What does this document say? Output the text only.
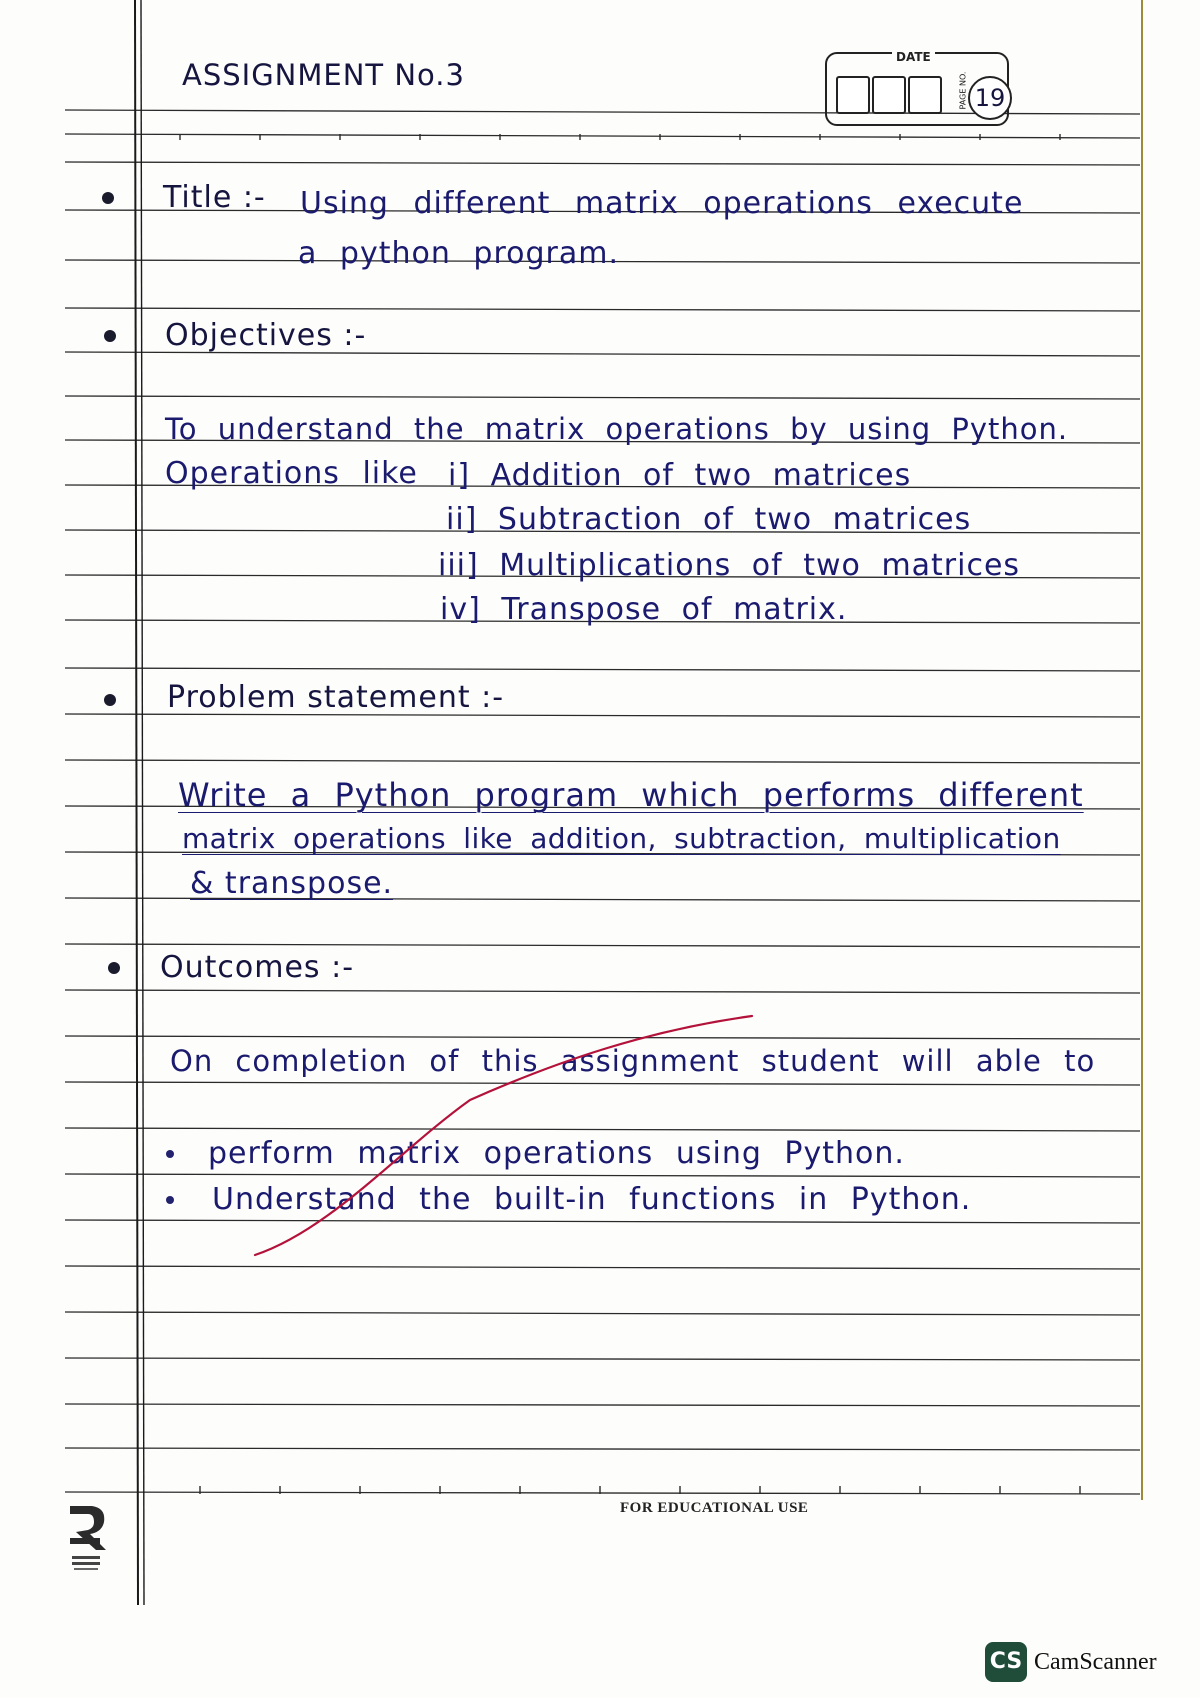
ASSIGNMENT No.3
DATE
PAGE NO. 19
Title :- Using different matrix operations execute
a python program.
Objectives :-
To understand the matrix operations by using Python.
Operations like i] Addition of two matrices
ii] Subtraction of two matrices
iii] Multiplications of two matrices
iv] Transpose of matrix.
Problem statement :-
Write a Python program which performs different
matrix operations like addition, subtraction, multiplication
& transpose.
Outcomes :-
On completion of this assignment student will able to
perform matrix operations using Python.
Understand the built-in functions in Python.
FOR EDUCATIONAL USE
CS CamScanner
